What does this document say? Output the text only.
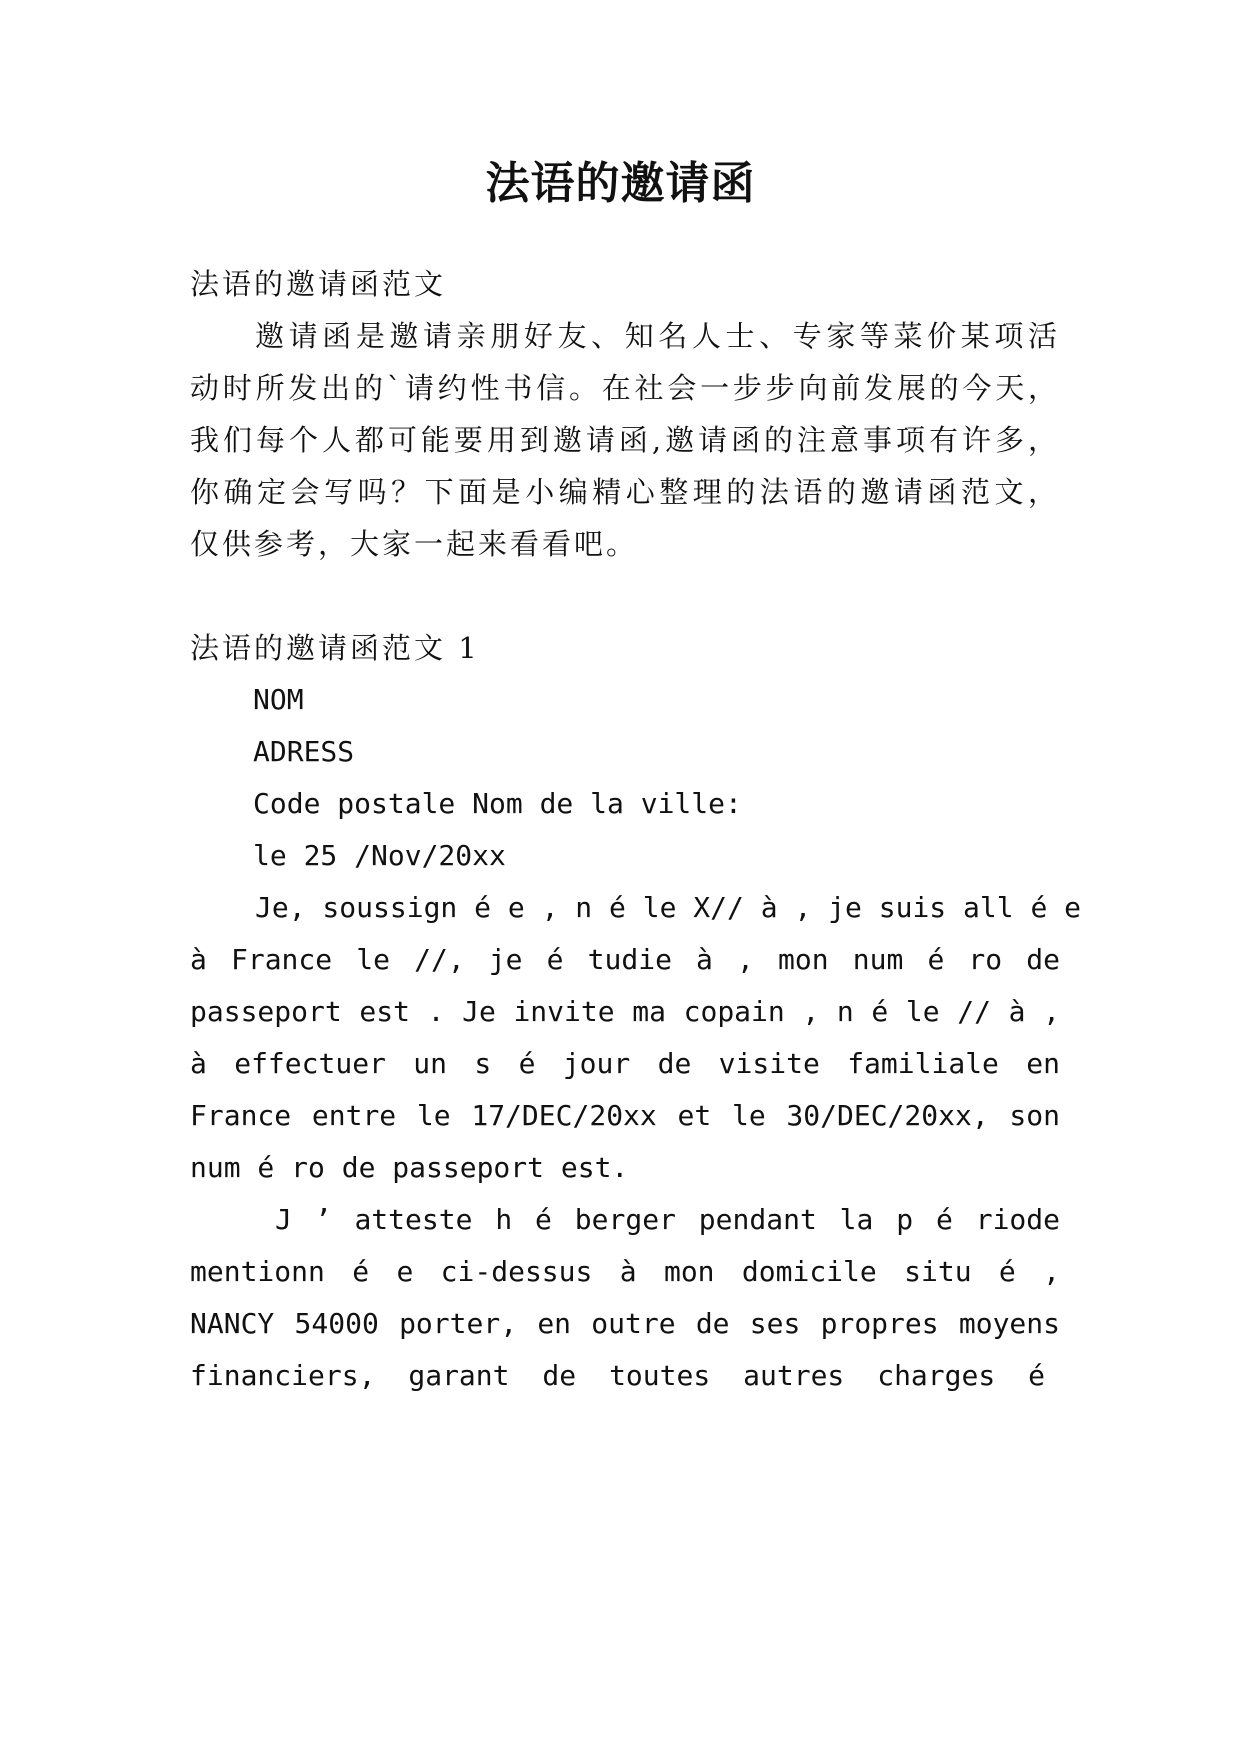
法语的邀请函
法语的邀请函范文
邀请函是邀请亲朋好友、知名人士、专家等菜价某项活
动时所发出的`请约性书信。在社会一步步向前发展的今天，
我们每个人都可能要用到邀请函,邀请函的注意事项有许多，
你确定会写吗？下面是小编精心整理的法语的邀请函范文，
仅供参考，大家一起来看看吧。
法语的邀请函范文 1
NOM
ADRESS
Code postale Nom de la ville:
le 25 /Nov/20xx
Je, soussign é e , n é le X// à , je suis all é e
à France le //, je é tudie à , mon num é ro de
passeport est . Je invite ma copain , n é le // à ,
à effectuer un s é jour de visite familiale en
France entre le 17/DEC/20xx et le 30/DEC/20xx, son
num é ro de passeport est.
J ’ atteste h é berger pendant la p é riode
mentionn é e ci-dessus à mon domicile situ é ,
NANCY 54000 porter, en outre de ses propres moyens
financiers, garant de toutes autres charges é
